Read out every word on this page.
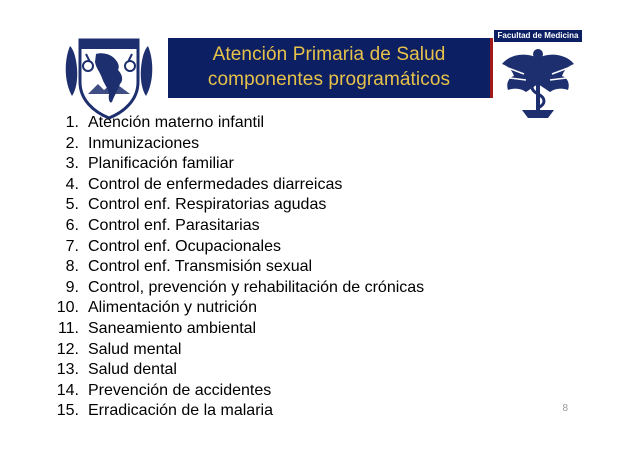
Atención Primaria de Salud
componentes programáticos
Facultad de Medicina
1. Atención materno infantil
2. Inmunizaciones
3. Planificación familiar
4. Control de enfermedades diarreicas
5. Control enf. Respiratorias agudas
6. Control enf. Parasitarias
7. Control enf. Ocupacionales
8. Control enf. Transmisión sexual
9. Control, prevención y rehabilitación de crónicas
10. Alimentación y nutrición
11. Saneamiento ambiental
12. Salud mental
13. Salud dental
14. Prevención de accidentes
15. Erradicación de la malaria	8
